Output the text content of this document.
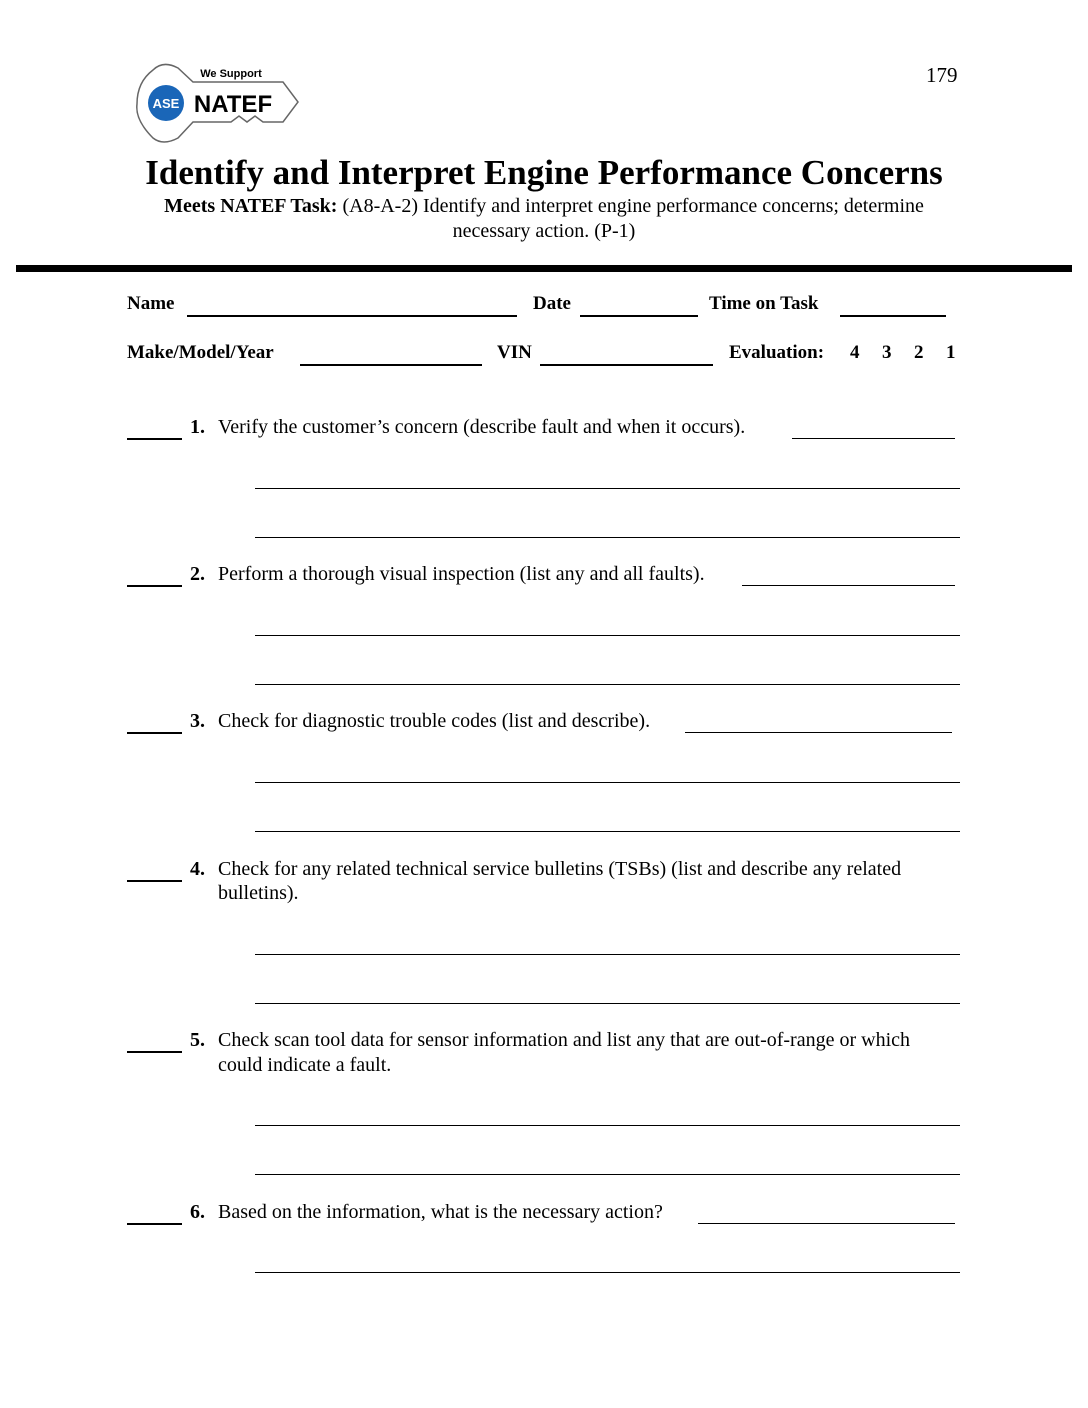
179
ASE
We Support
NATEF
Identify and Interpret Engine Performance Concerns
Meets NATEF Task: (A8-A-2) Identify and interpret engine performance concerns; determine
necessary action. (P-1)
Name	Date	Time on Task
Make/Model/Year	VIN	Evaluation: 4 3 2 1
1. Verify the customer’s concern (describe fault and when it occurs).
2. Perform a thorough visual inspection (list any and all faults).
3. Check for diagnostic trouble codes (list and describe).
4. Check for any related technical service bulletins (TSBs) (list and describe any related
bulletins).
5. Check scan tool data for sensor information and list any that are out-of-range or which
could indicate a fault.
6. Based on the information, what is the necessary action?
